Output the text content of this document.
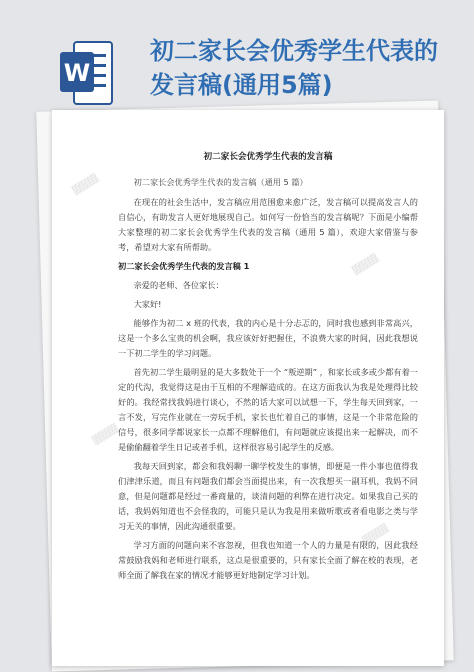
W
初二家长会优秀学生代表的发言稿(通用5篇)
▒▒▒▒
▒▒▒▒
▒▒▒▒
▒▒▒▒
初二家长会优秀学生代表的发言稿
初二家长会优秀学生代表的发言稿（通用 5 篇）

在现在的社会生活中，发言稿应用范围愈来愈广泛，发言稿可以提高发言人的自信心，有助发言人更好地展现自己。如何写一份恰当的发言稿呢？下面是小编帮大家整理的初二家长会优秀学生代表的发言稿（通用 5 篇），欢迎大家借鉴与参考，希望对大家有所帮助。

初二家长会优秀学生代表的发言稿 1

亲爱的老师、各位家长：

大家好!

能够作为初二 x 班的代表，我的内心是十分忐忑的，同时我也感到非常高兴，这是一个多么宝贵的机会啊，我应该好好把握住，不浪费大家的时间，因此我想说一下初二学生的学习问题。

首先初二学生最明显的是大多数处于一个 “叛逆期” ，和家长或多或少都有着一定的代沟，我觉得这是由于互相的不理解造成的。在这方面我认为我是处理得比较好的。我经常找我妈进行谈心，不然的话大家可以试想一下，学生每天回到家，一言不发，写完作业就在一旁玩手机，家长也忙着自己的事情，这是一个非常危险的信号，很多同学都说家长一点都不理解他们，有问题就应该提出来一起解决，而不是偷偷翻着学生日记或者手机，这样很容易引起学生的反感。

我每天回到家，都会和我妈聊一聊学校发生的事情，即便是一件小事也值得我们津津乐道，而且有问题我们都会当面提出来，有一次我想买一副耳机，我妈不同意，但是问题都是经过一番商量的，谈清问题的利弊在进行决定。如果我自己买的话，我妈妈知道也不会怪我的，可能只是认为我是用来做听歌或者看电影之类与学习无关的事情，因此沟通很重要。

学习方面的问题向来不容忽视，但我也知道一个人的力量是有限的，因此我经常鼓励我妈和老师进行联系，这点是很重要的，只有家长全面了解在校的表现，老师全面了解我在家的情况才能够更好地制定学习计划。
